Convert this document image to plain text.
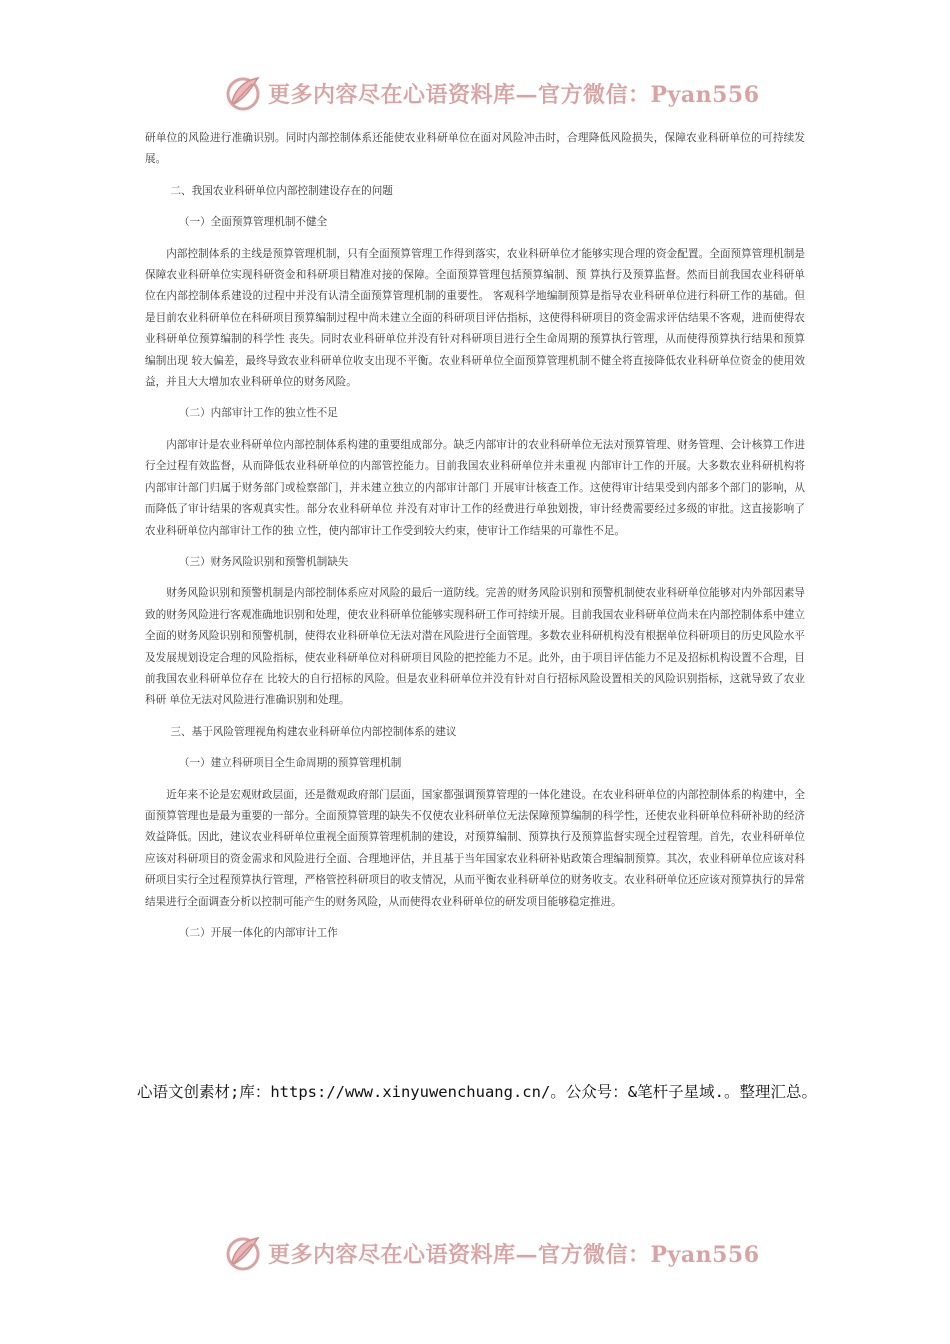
更多内容尽在心语资料库—官方微信：Pyan556

研单位的风险进行准确识别。同时内部控制体系还能使农业科研单位在面对风险冲击时，合理降低风险损失，保障农业科研单位的可持续发展。

二、我国农业科研单位内部控制建设存在的问题

（一）全面预算管理机制不健全

内部控制体系的主线是预算管理机制，只有全面预算管理工作得到落实，农业科研单位才能够实现合理的资金配置。全面预算管理机制是保障农业科研单位实现科研资金和科研项目精准对接的保障。全面预算管理包括预算编制、预 算执行及预算监督。然而目前我国农业科研单位在内部控制体系建设的过程中并没有认清全面预算管理机制的重要性。 客观科学地编制预算是指导农业科研单位进行科研工作的基础。但是目前农业科研单位在科研项目预算编制过程中尚未建立全面的科研项目评估指标，这使得科研项目的资金需求评估结果不客观，进而使得农业科研单位预算编制的科学性 丧失。同时农业科研单位并没有针对科研项目进行全生命周期的预算执行管理，从而使得预算执行结果和预算编制出现 较大偏差，最终导致农业科研单位收支出现不平衡。农业科研单位全面预算管理机制不健全将直接降低农业科研单位资金的使用效益，并且大大增加农业科研单位的财务风险。

（二）内部审计工作的独立性不足

内部审计是农业科研单位内部控制体系构建的重要组成部分。缺乏内部审计的农业科研单位无法对预算管理、财务管理、会计核算工作进行全过程有效监督，从而降低农业科研单位的内部管控能力。目前我国农业科研单位并未重视 内部审计工作的开展。大多数农业科研机构将内部审计部门归属于财务部门或检察部门，并未建立独立的内部审计部门 开展审计核查工作。这使得审计结果受到内部多个部门的影响，从而降低了审计结果的客观真实性。部分农业科研单位 并没有对审计工作的经费进行单独划拨，审计经费需要经过多级的审批。这直接影响了农业科研单位内部审计工作的独 立性，使内部审计工作受到较大约束，使审计工作结果的可靠性不足。

（三）财务风险识别和预警机制缺失

财务风险识别和预警机制是内部控制体系应对风险的最后一道防线。完善的财务风险识别和预警机制使农业科研单位能够对内外部因素导致的财务风险进行客观准确地识别和处理，使农业科研单位能够实现科研工作可持续开展。目前我国农业科研单位尚未在内部控制体系中建立全面的财务风险识别和预警机制，使得农业科研单位无法对潜在风险进行全面管理。多数农业科研机构没有根据单位科研项目的历史风险水平及发展规划设定合理的风险指标，使农业科研单位对科研项目风险的把控能力不足。此外，由于项目评估能力不足及招标机构设置不合理，目前我国农业科研单位存在 比较大的自行招标的风险。但是农业科研单位并没有针对自行招标风险设置相关的风险识别指标，这就导致了农业科研 单位无法对风险进行准确识别和处理。

三、基于风险管理视角构建农业科研单位内部控制体系的建议

（一）建立科研项目全生命周期的预算管理机制

近年来不论是宏观财政层面，还是微观政府部门层面，国家都强调预算管理的一体化建设。在农业科研单位的内部控制体系的构建中，全面预算管理也是最为重要的一部分。全面预算管理的缺失不仅使农业科研单位无法保障预算编制的科学性，还使农业科研单位科研补助的经济效益降低。因此，建议农业科研单位重视全面预算管理机制的建设，对预算编制、预算执行及预算监督实现全过程管理。首先，农业科研单位应该对科研项目的资金需求和风险进行全面、合理地评估，并且基于当年国家农业科研补贴政策合理编制预算。其次，农业科研单位应该对科研项目实行全过程预算执行管理，严格管控科研项目的收支情况，从而平衡农业科研单位的财务收支。农业科研单位还应该对预算执行的异常结果进行全面调查分析以控制可能产生的财务风险，从而使得农业科研单位的研发项目能够稳定推进。

（二）开展一体化的内部审计工作

心语文创素材;库：https://www.xinyuwenchuang.cn/。公众号：&笔杆子星域.。整理汇总。
更多内容尽在心语资料库—官方微信：Pyan556
